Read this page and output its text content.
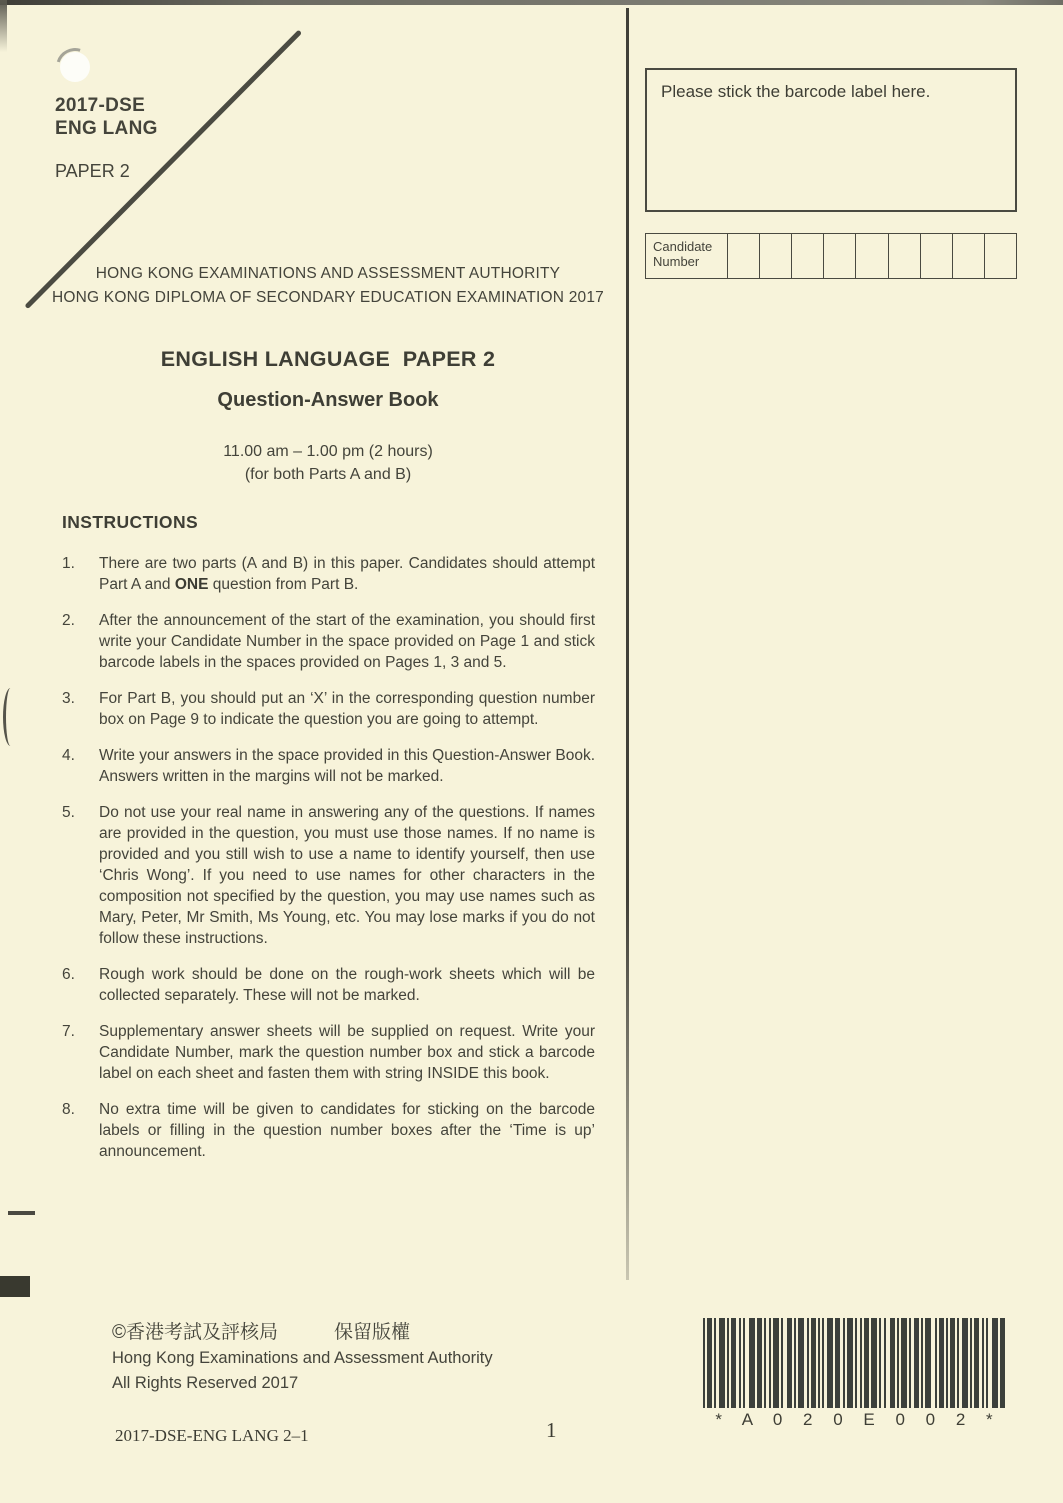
2017-DSE
ENG LANG
PAPER 2
HONG KONG EXAMINATIONS AND ASSESSMENT AUTHORITY
HONG KONG DIPLOMA OF SECONDARY EDUCATION EXAMINATION 2017
ENGLISH LANGUAGE  PAPER 2
Question-Answer Book
11.00 am – 1.00 pm (2 hours)
(for both Parts A and B)
INSTRUCTIONS
1.	There are two parts (A and B) in this paper. Candidates should attempt Part A and ONE question from Part B.
2.	After the announcement of the start of the examination, you should first write your Candidate Number in the space provided on Page 1 and stick barcode labels in the spaces provided on Pages 1, 3 and 5.
3.	For Part B, you should put an ‘X’ in the corresponding question number box on Page 9 to indicate the question you are going to attempt.
4.	Write your answers in the space provided in this Question-Answer Book. Answers written in the margins will not be marked.
5.	Do not use your real name in answering any of the questions. If names are provided in the question, you must use those names. If no name is provided and you still wish to use a name to identify yourself, then use ‘Chris Wong’. If you need to use names for other characters in the composition not specified by the question, you may use names such as Mary, Peter, Mr Smith, Ms Young, etc. You may lose marks if you do not follow these instructions.
6.	Rough work should be done on the rough-work sheets which will be collected separately. These will not be marked.
7.	Supplementary answer sheets will be supplied on request. Write your Candidate Number, mark the question number box and stick a barcode label on each sheet and fasten them with string INSIDE this book.
8.	No extra time will be given to candidates for sticking on the barcode labels or filling in the question number boxes after the ‘Time is up’ announcement.
©香港考試及評核局	保留版權
Hong Kong Examinations and Assessment Authority
All Rights Reserved 2017
2017-DSE-ENG LANG 2–1	1
Please stick the barcode label here.
Candidate Number
* A 0 2 0 E 0 0 2 *
